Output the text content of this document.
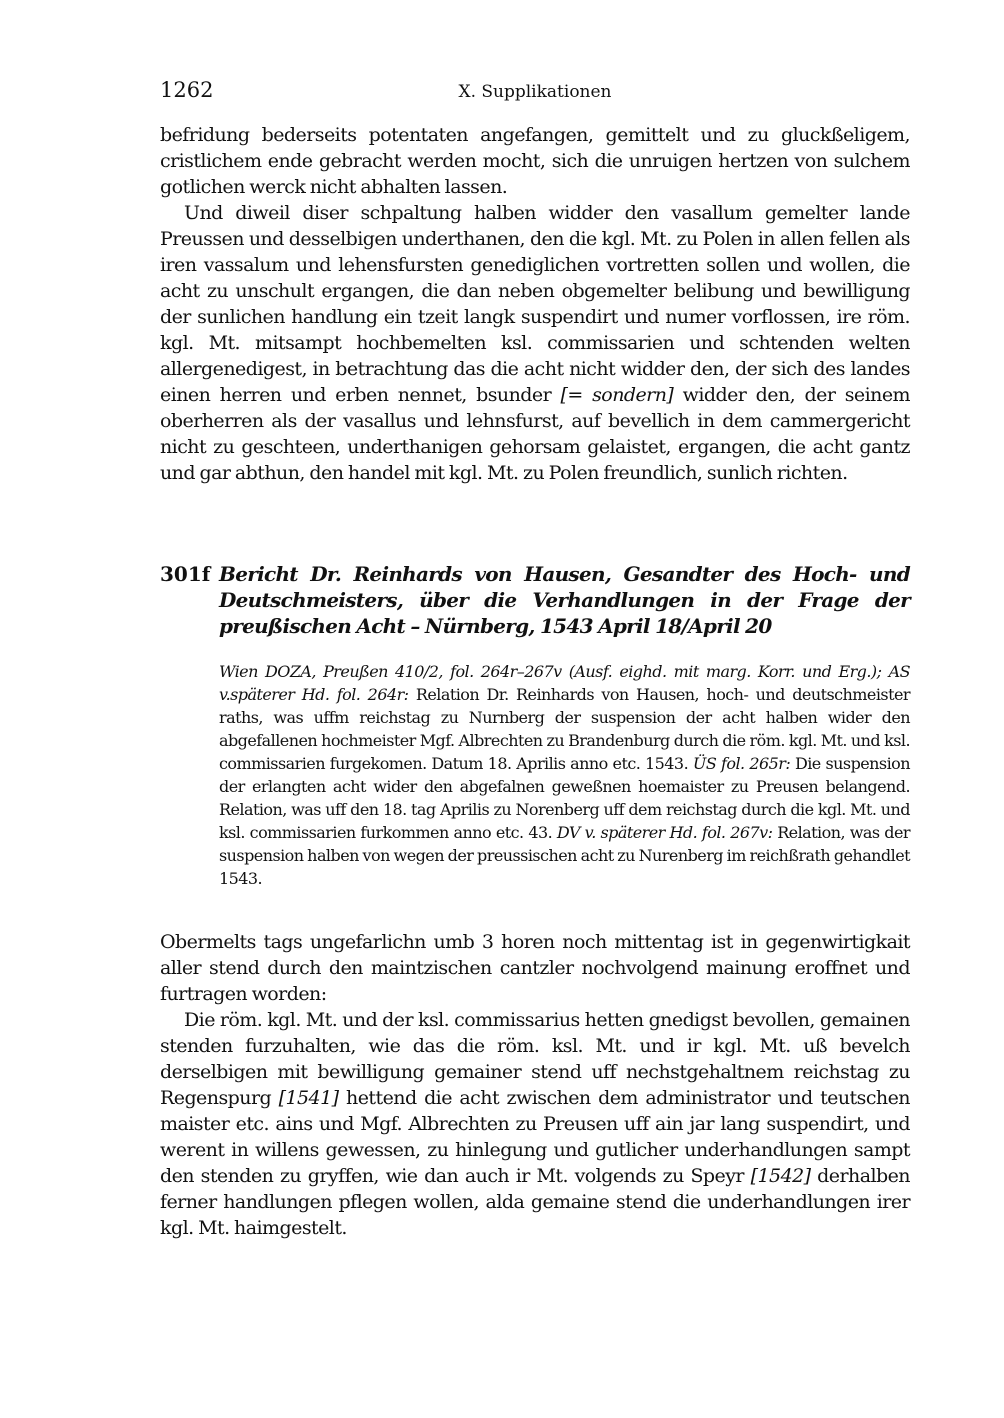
1262	X. Supplikationen

befridung bederseits potentaten angefangen, gemittelt und zu gluckßeligem, cristlichem ende gebracht werden mocht, sich die unruigen hertzen von sulchem gotlichen werck nicht abhalten lassen.

Und diweil diser schpaltung halben widder den vasallum gemelter lande Preussen und desselbigen underthanen, den die kgl. Mt. zu Polen in allen fellen als iren vassalum und lehensfursten genediglichen vortretten sollen und wollen, die acht zu unschult ergangen, die dan neben obgemelter belibung und bewilligung der sunlichen handlung ein tzeit langk suspendirt und numer vorflossen, ire röm. kgl. Mt. mitsampt hochbemelten ksl. commissarien und schtenden welten allergenedigest, in betrachtung das die acht nicht widder den, der sich des landes einen herren und erben nennet, bsunder [= sondern] widder den, der seinem oberherren als der vasallus und lehnsfurst, auf bevellich in dem cammergericht nicht zu geschteen, underthanigen gehorsam gelaistet, ergangen, die acht gantz und gar abthun, den handel mit kgl. Mt. zu Polen freundlich, sunlich richten.

301f Bericht Dr. Reinhards von Hausen, Gesandter des Hoch- und Deutschmeisters, über die Verhandlungen in der Frage der preußischen Acht – Nürnberg, 1543 April 18/April 20

Wien DOZA, Preußen 410/2, fol. 264r–267v (Ausf. eighd. mit marg. Korr. und Erg.); AS v.späterer Hd. fol. 264r: Relation Dr. Reinhards von Hausen, hoch- und deutschmeister raths, was uffm reichstag zu Nurnberg der suspension der acht halben wider den abgefallenen hochmeister Mgf. Albrechten zu Brandenburg durch die röm. kgl. Mt. und ksl. commissarien furgekomen. Datum 18. Aprilis anno etc. 1543. ÜS fol. 265r: Die suspension der erlangten acht wider den abgefalnen geweßnen hoemaister zu Preusen belangend. Relation, was uff den 18. tag Aprilis zu Norenberg uff dem reichstag durch die kgl. Mt. und ksl. commissarien furkommen anno etc. 43. DV v. späterer Hd. fol. 267v: Relation, was der suspension halben von wegen der preussischen acht zu Nurenberg im reichßrath gehandlet 1543.

Obermelts tags ungefarlichn umb 3 horen noch mittentag ist in gegenwirtigkait aller stend durch den maintzischen cantzler nochvolgend mainung eroffnet und furtragen worden:

Die röm. kgl. Mt. und der ksl. commissarius hetten gnedigst bevollen, gemainen stenden furzuhalten, wie das die röm. ksl. Mt. und ir kgl. Mt. uß bevelch derselbigen mit bewilligung gemainer stend uff nechstgehaltnem reichstag zu Regenspurg [1541] hettend die acht zwischen dem administrator und teutschen maister etc. ains und Mgf. Albrechten zu Preusen uff ain jar lang suspendirt, und werent in willens gewessen, zu hinlegung und gutlicher underhandlungen sampt den stenden zu gryffen, wie dan auch ir Mt. volgends zu Speyr [1542] derhalben ferner handlungen pflegen wollen, alda gemaine stend die underhandlungen irer kgl. Mt. haimgestelt.
